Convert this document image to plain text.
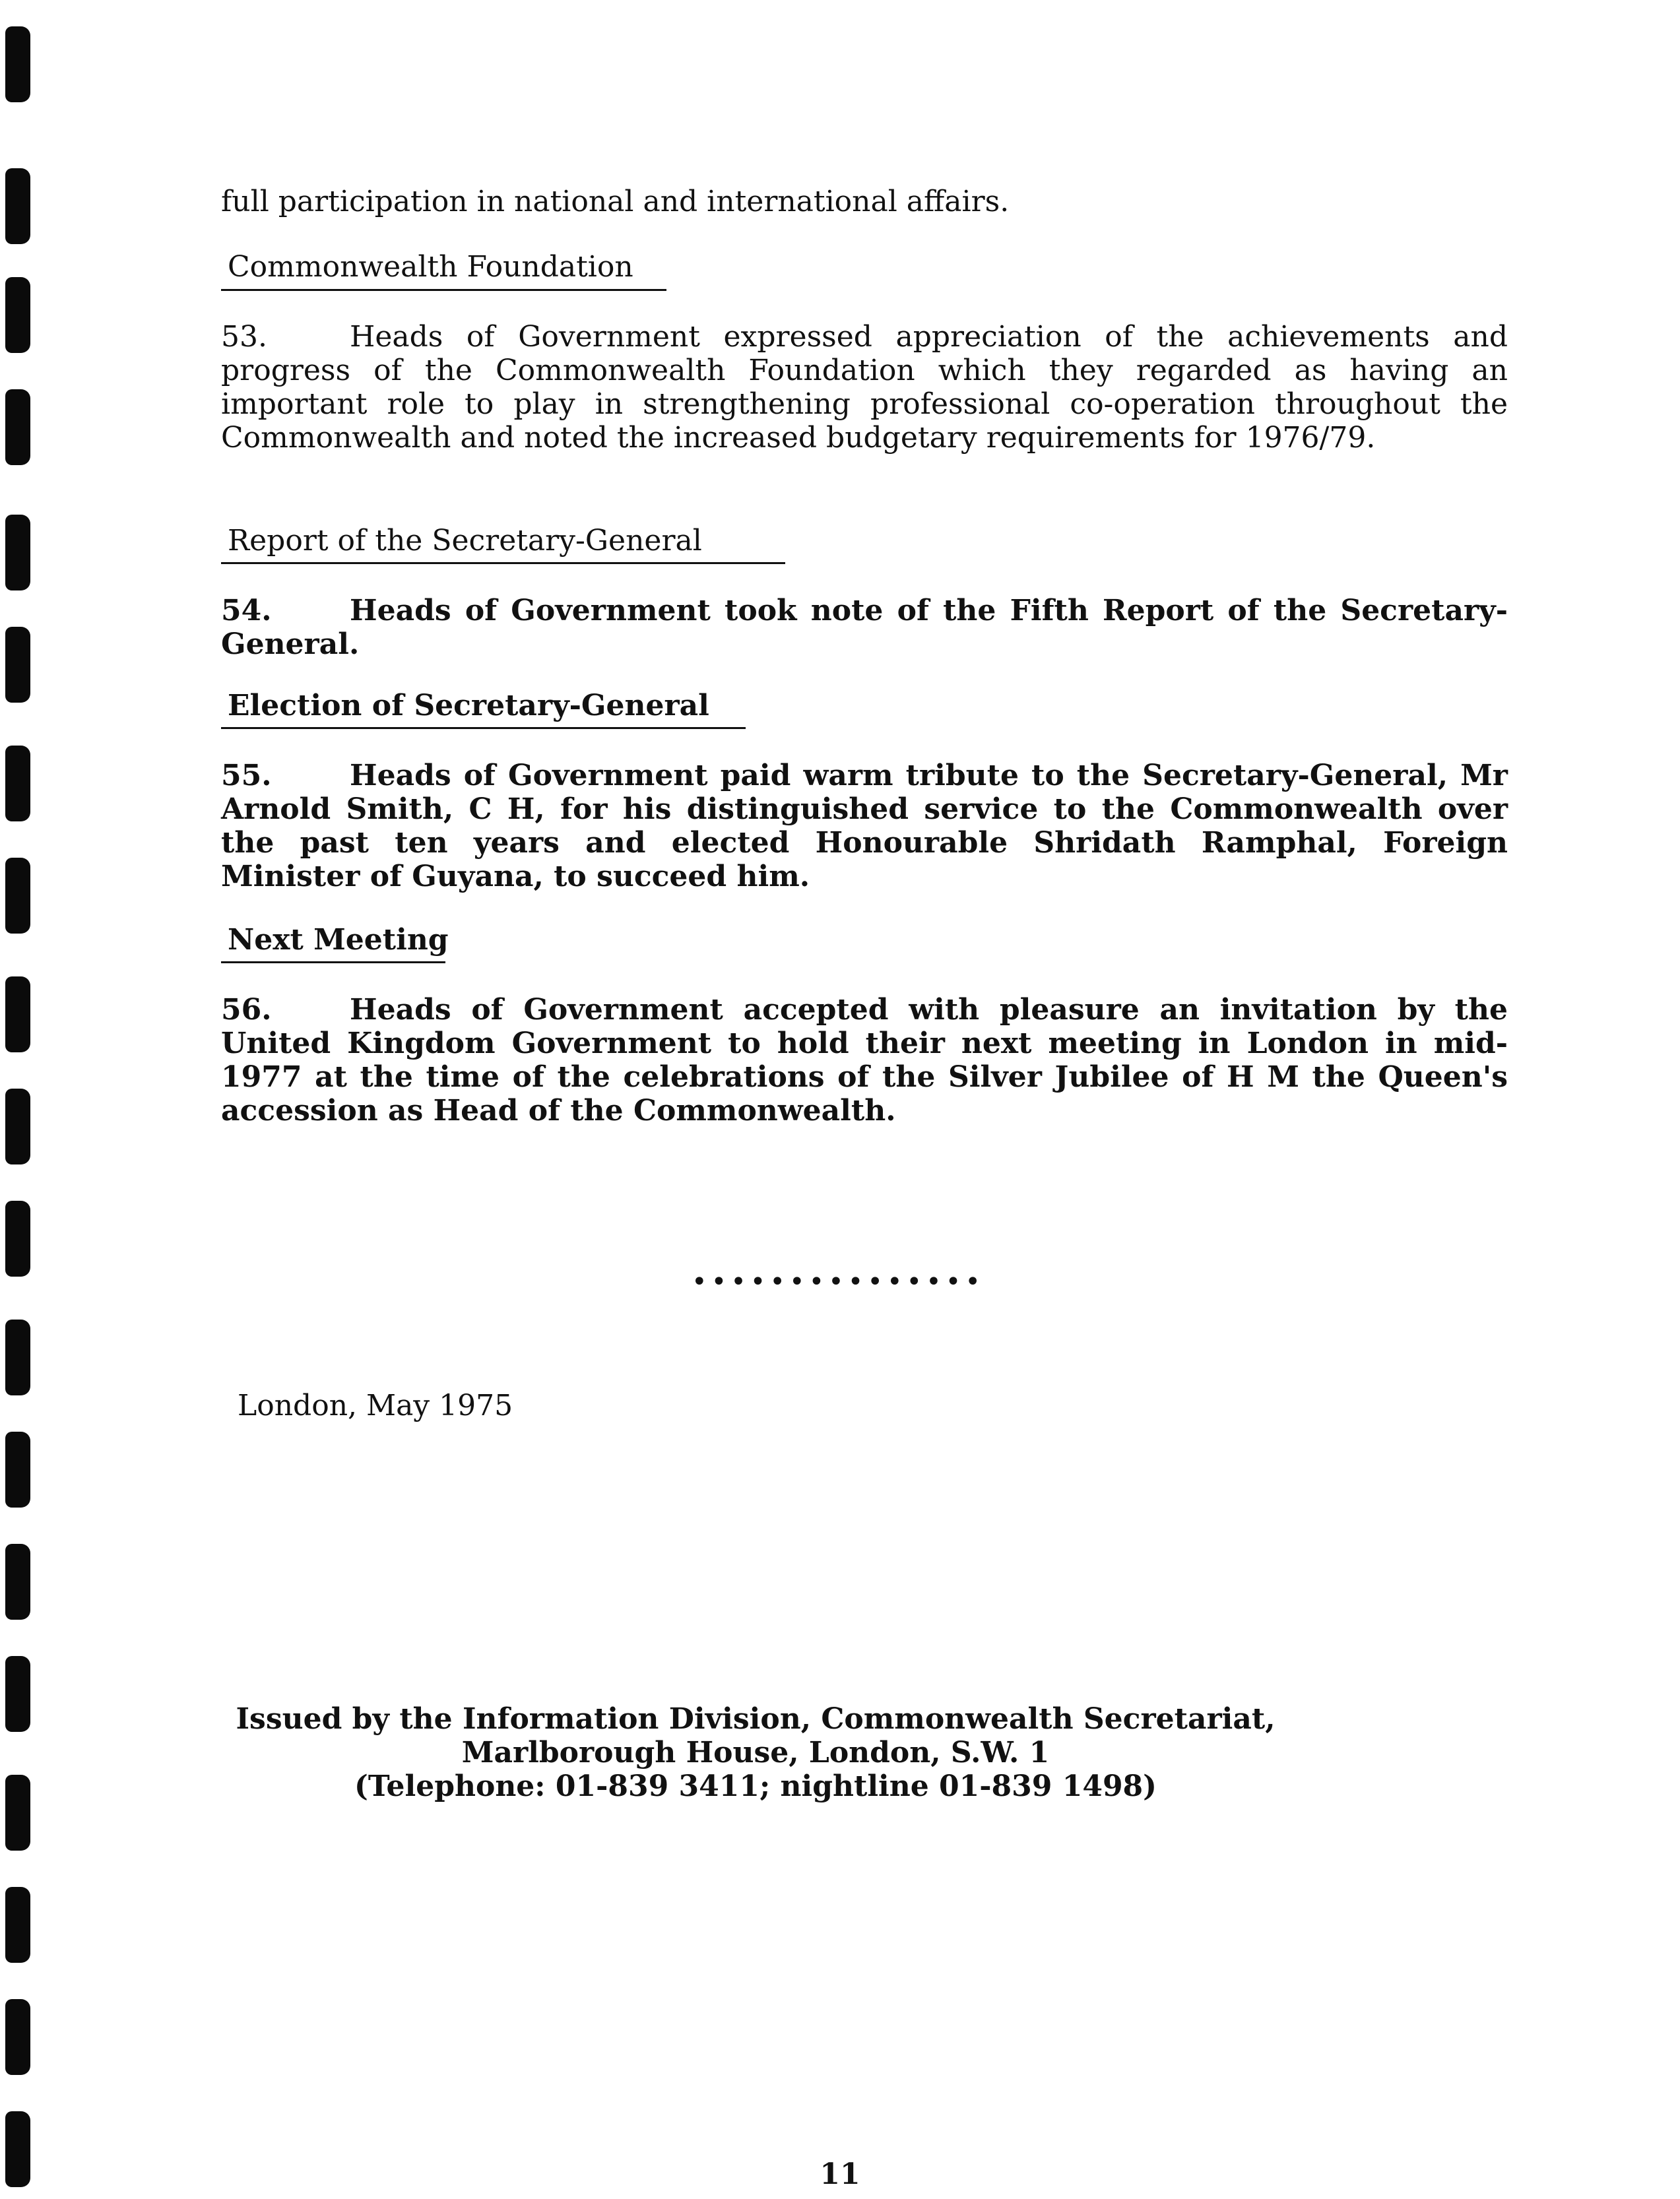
full participation in national and international affairs.

Commonwealth Foundation
53.	Heads of Government expressed appreciation of the achievements and progress of the Commonwealth Foundation which they regarded as having an important role to play in strengthening professional co-operation throughout the Commonwealth and noted the increased budgetary requirements for 1976/79.
Report of the Secretary-General
54.	Heads of Government took note of the Fifth Report of the Secretary-General.
Election of Secretary-General
55.	Heads of Government paid warm tribute to the Secretary-General, Mr Arnold Smith, C H, for his distinguished service to the Commonwealth over the past ten years and elected Honourable Shridath Ramphal, Foreign Minister of Guyana, to succeed him.
Next Meeting
56.	Heads of Government accepted with pleasure an invitation by the United Kingdom Government to hold their next meeting in London in mid-1977 at the time of the celebrations of the Silver Jubilee of H M the Queen's accession as Head of the Commonwealth.
•••••••••••••••
London, May 1975
Issued by the Information Division, Commonwealth Secretariat,
Marlborough House, London, S.W. 1
(Telephone: 01-839 3411; nightline 01-839 1498)
11
